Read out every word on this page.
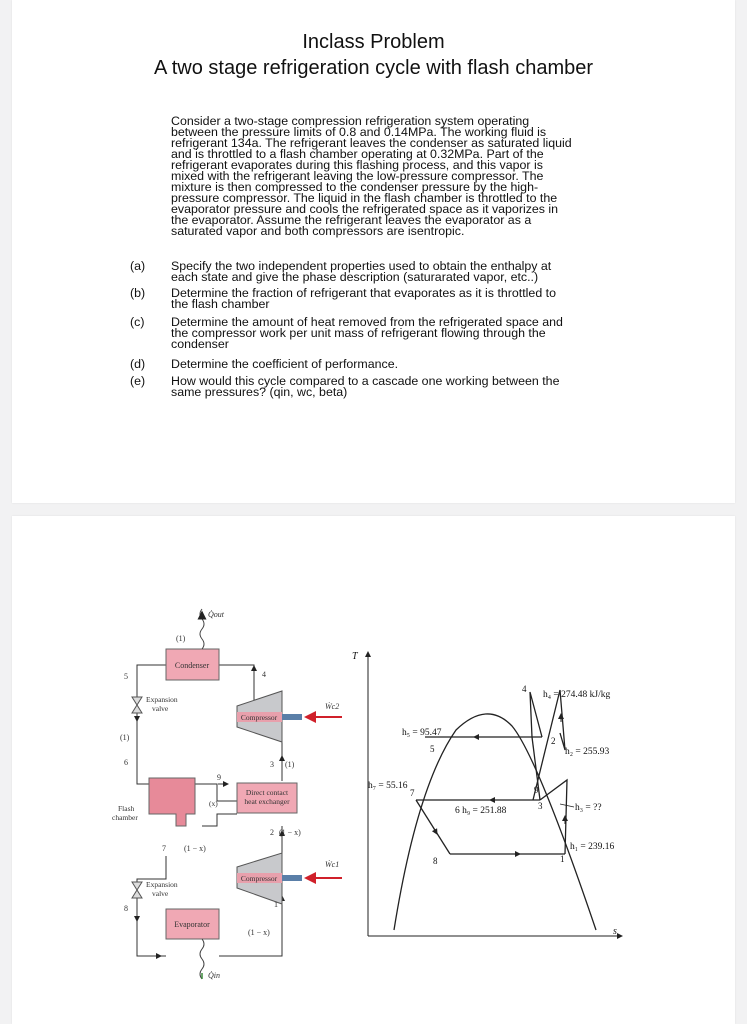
Inclass Problem
A two stage refrigeration cycle with flash chamber
Consider a two-stage compression refrigeration system operating
between the pressure limits of 0.8 and 0.14MPa. The working fluid is
refrigerant 134a. The refrigerant leaves the condenser as saturated liquid
and is throttled to a flash chamber operating at 0.32MPa. Part of the
refrigerant evaporates during this flashing process, and this vapor is
mixed with the refrigerant leaving the low-pressure compressor. The
mixture is then compressed to the condenser pressure by the high-
pressure compressor. The liquid in the flash chamber is throttled to the
evaporator pressure and cools the refrigerated space as it vaporizes in
the evaporator. Assume the refrigerant leaves the evaporator as a
saturated vapor and both compressors are isentropic.
(a)	Specify the two independent properties used to obtain the enthalpy at
each state and give the phase description (saturarated vapor, etc..)
(b)	Determine the fraction of refrigerant that evaporates as it is throttled to
the flash chamber
(c)	Determine the amount of heat removed from the refrigerated space and
the compressor work per unit mass of refrigerant flowing through the
condenser
(d)	Determine the coefficient of performance.
(e)	How would this cycle compared to a cascade one working between the
same pressures? (qin, wc, beta)
Condenser
Q̇out
(1)
Compressor
Ẇc2
Direct contact
heat exchanger
Flash
chamber
(x)
Compressor
Ẇc1
Evaporator
Q̇in
Expansion
valve
Expansion
valve
5
6
7
8
4
3
9
2
1
(1)
(1)
(1 − x)
(1 − x)
(1 − x)
T
s
4
5
2
7	9
3
8	1
h₄ = 274.48 kJ/kg
h₅ = 95.47
h₂ = 255.93
h₇ = 55.16
6 h₉ = 251.88	h₃ = ??
h₁ = 239.16
